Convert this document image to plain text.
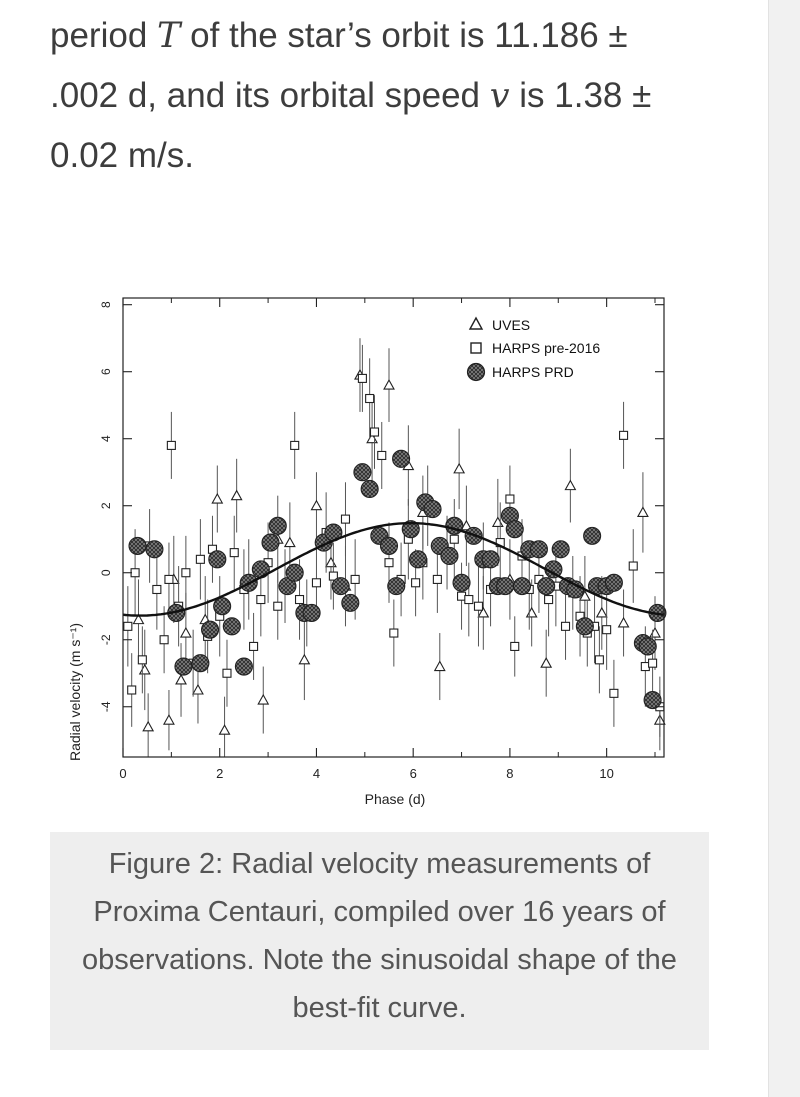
period T of the star’s orbit is 11.186 ±
.002 d, and its orbital speed v is 1.38 ±
0.02 m/s.
-4
-2
0
2
4
6
8
0	2	4	6	8	10
Phase (d)
Radial velocity (m s⁻¹)
UVES
HARPS pre-2016
HARPS PRD

Figure 2: Radial velocity measurements of Proxima Centauri, compiled over 16 years of observations. Note the sinusoidal shape of the best-fit curve.
